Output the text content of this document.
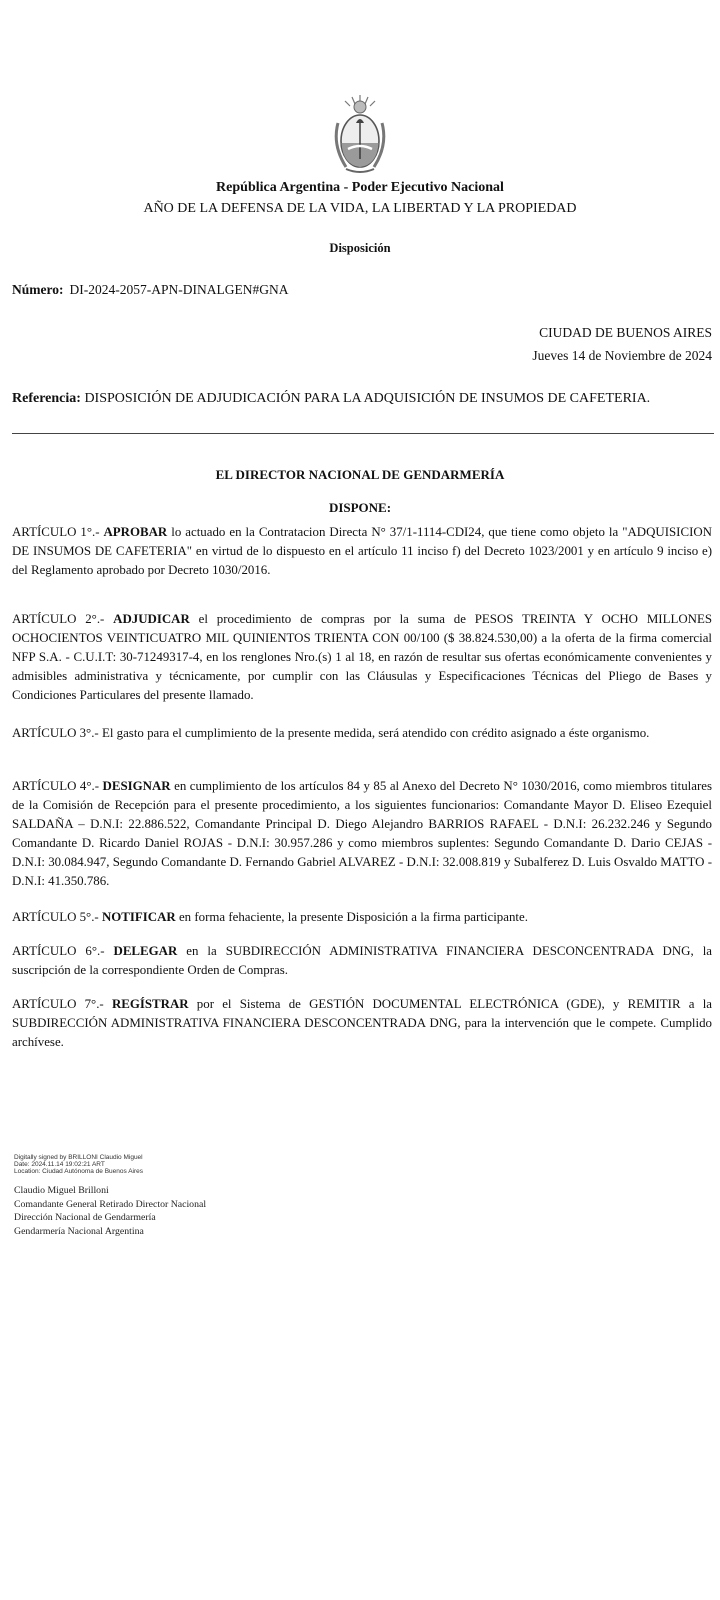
República Argentina - Poder Ejecutivo Nacional
AÑO DE LA DEFENSA DE LA VIDA, LA LIBERTAD Y LA PROPIEDAD
Disposición
Número: DI-2024-2057-APN-DINALGEN#GNA
CIUDAD DE BUENOS AIRES
Jueves 14 de Noviembre de 2024
Referencia: DISPOSICIÓN DE ADJUDICACIÓN PARA LA ADQUISICIÓN DE INSUMOS DE CAFETERIA.
EL DIRECTOR NACIONAL DE GENDARMERÍA
DISPONE:
ARTÍCULO 1°.- APROBAR lo actuado en la Contratacion Directa N° 37/1-1114-CDI24, que tiene como objeto la "ADQUISICION DE INSUMOS DE CAFETERIA" en virtud de lo dispuesto en el artículo 11 inciso f) del Decreto 1023/2001 y en artículo 9 inciso e) del Reglamento aprobado por Decreto 1030/2016.
ARTÍCULO 2°.- ADJUDICAR el procedimiento de compras por la suma de PESOS TREINTA Y OCHO MILLONES OCHOCIENTOS VEINTICUATRO MIL QUINIENTOS TRIENTA CON 00/100 ($ 38.824.530,00) a la oferta de la firma comercial NFP S.A. - C.U.I.T: 30-71249317-4, en los renglones Nro.(s) 1 al 18, en razón de resultar sus ofertas económicamente convenientes y admisibles administrativa y técnicamente, por cumplir con las Cláusulas y Especificaciones Técnicas del Pliego de Bases y Condiciones Particulares del presente llamado.
ARTÍCULO 3°.- El gasto para el cumplimiento de la presente medida, será atendido con crédito asignado a éste organismo.
ARTÍCULO 4°.- DESIGNAR en cumplimiento de los artículos 84 y 85 al Anexo del Decreto N° 1030/2016, como miembros titulares de la Comisión de Recepción para el presente procedimiento, a los siguientes funcionarios: Comandante Mayor D. Eliseo Ezequiel SALDAÑA – D.N.I: 22.886.522, Comandante Principal D. Diego Alejandro BARRIOS RAFAEL - D.N.I: 26.232.246 y Segundo Comandante D. Ricardo Daniel ROJAS - D.N.I: 30.957.286 y como miembros suplentes: Segundo Comandante D. Dario CEJAS - D.N.I: 30.084.947, Segundo Comandante D. Fernando Gabriel ALVAREZ - D.N.I: 32.008.819 y Subalferez D. Luis Osvaldo MATTO - D.N.I: 41.350.786.
ARTÍCULO 5°.- NOTIFICAR en forma fehaciente, la presente Disposición a la firma participante.
ARTÍCULO 6°.- DELEGAR en la SUBDIRECCIÓN ADMINISTRATIVA FINANCIERA DESCONCENTRADA DNG, la suscripción de la correspondiente Orden de Compras.
ARTÍCULO 7°.- REGÍSTRAR por el Sistema de GESTIÓN DOCUMENTAL ELECTRÓNICA (GDE), y REMITIR a la SUBDIRECCIÓN ADMINISTRATIVA FINANCIERA DESCONCENTRADA DNG, para la intervención que le compete. Cumplido archívese.
Digitally signed by BRILLONI Claudio Miguel
Date: 2024.11.14 19:02:21 ART
Location: Ciudad Autónoma de Buenos Aires
Claudio Miguel Brilloni
Comandante General Retirado Director Nacional
Dirección Nacional de Gendarmería
Gendarmería Nacional Argentina
